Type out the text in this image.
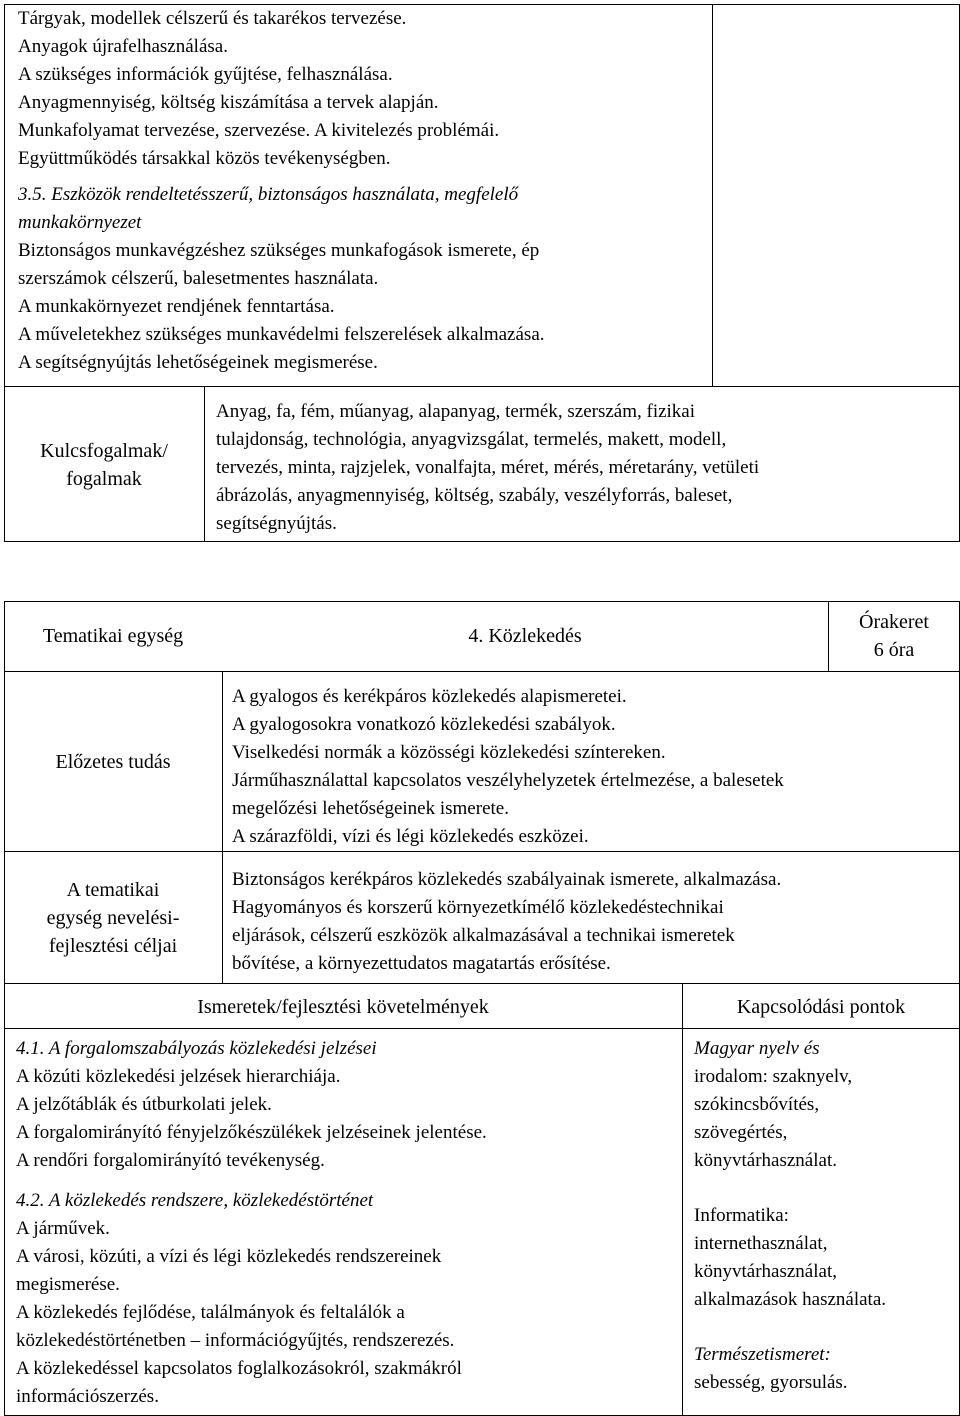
Tárgyak, modellek célszerű és takarékos tervezése.
Anyagok újrafelhasználása.
A szükséges információk gyűjtése, felhasználása.
Anyagmennyiség, költség kiszámítása a tervek alapján.
Munkafolyamat tervezése, szervezése. A kivitelezés problémái.
Együttműködés társakkal közös tevékenységben.
3.5. Eszközök rendeltetésszerű, biztonságos használata, megfelelő
munkakörnyezet
Biztonságos munkavégzéshez szükséges munkafogások ismerete, ép
szerszámok célszerű, balesetmentes használata.
A munkakörnyezet rendjének fenntartása.
A műveletekhez szükséges munkavédelmi felszerelések alkalmazása.
A segítségnyújtás lehetőségeinek megismerése.
Kulcsfogalmak/
fogalmak
Anyag, fa, fém, műanyag, alapanyag, termék, szerszám, fizikai
tulajdonság, technológia, anyagvizsgálat, termelés, makett, modell,
tervezés, minta, rajzjelek, vonalfajta, méret, mérés, méretarány, vetületi
ábrázolás, anyagmennyiség, költség, szabály, veszélyforrás, baleset,
segítségnyújtás.
Tematikai egység	4. Közlekedés
Órakeret
6 óra
Előzetes tudás
A gyalogos és kerékpáros közlekedés alapismeretei.
A gyalogosokra vonatkozó közlekedési szabályok.
Viselkedési normák a közösségi közlekedési színtereken.
Járműhasználattal kapcsolatos veszélyhelyzetek értelmezése, a balesetek
megelőzési lehetőségeinek ismerete.
A szárazföldi, vízi és légi közlekedés eszközei.
A tematikai
egység nevelési-
fejlesztési céljai
Biztonságos kerékpáros közlekedés szabályainak ismerete, alkalmazása.
Hagyományos és korszerű környezetkímélő közlekedéstechnikai
eljárások, célszerű eszközök alkalmazásával a technikai ismeretek
bővítése, a környezettudatos magatartás erősítése.
Ismeretek/fejlesztési követelmények	Kapcsolódási pontok
4.1. A forgalomszabályozás közlekedési jelzései
A közúti közlekedési jelzések hierarchiája.
A jelzőtáblák és útburkolati jelek.
A forgalomirányító fényjelzőkészülékek jelzéseinek jelentése.
A rendőri forgalomirányító tevékenység.
4.2. A közlekedés rendszere, közlekedéstörténet
A járművek.
A városi, közúti, a vízi és légi közlekedés rendszereinek
megismerése.
A közlekedés fejlődése, találmányok és feltalálók a
közlekedéstörténetben – információgyűjtés, rendszerezés.
A közlekedéssel kapcsolatos foglalkozásokról, szakmákról
információszerzés.
Magyar nyelv és
irodalom: szaknyelv,
szókincsbővítés,
szövegértés,
könyvtárhasználat.
Informatika:
internethasználat,
könyvtárhasználat,
alkalmazások használata.
Természetismeret:
sebesség, gyorsulás.
